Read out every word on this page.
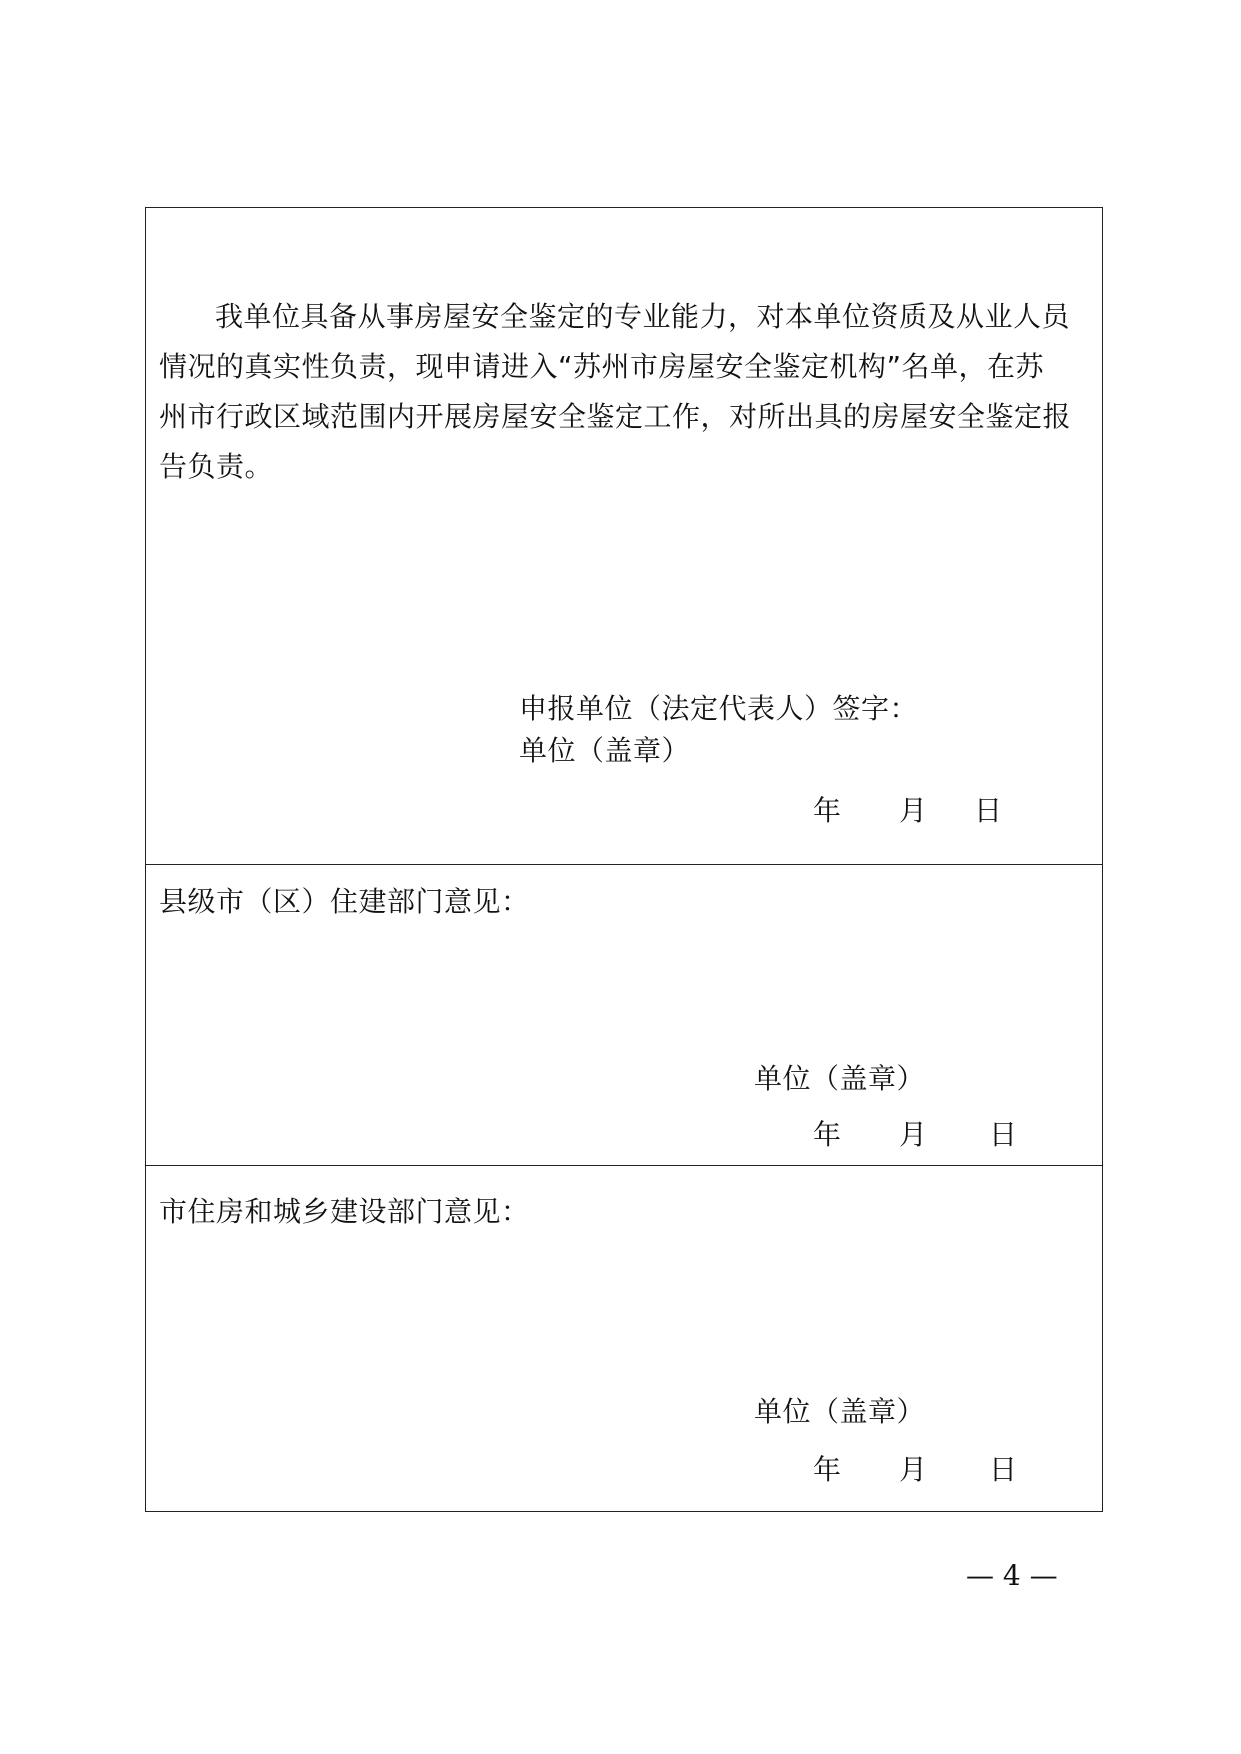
我单位具备从事房屋安全鉴定的专业能力，对本单位资质及从业人员
情况的真实性负责，现申请进入“苏州市房屋安全鉴定机构”名单，在苏
州市行政区域范围内开展房屋安全鉴定工作，对所出具的房屋安全鉴定报
告负责。
申报单位（法定代表人）签字：
单位（盖章）
年 月 日
县级市（区）住建部门意见：
单位（盖章）
年 月 日
市住房和城乡建设部门意见：
单位（盖章）
年 月 日
— 4 —
